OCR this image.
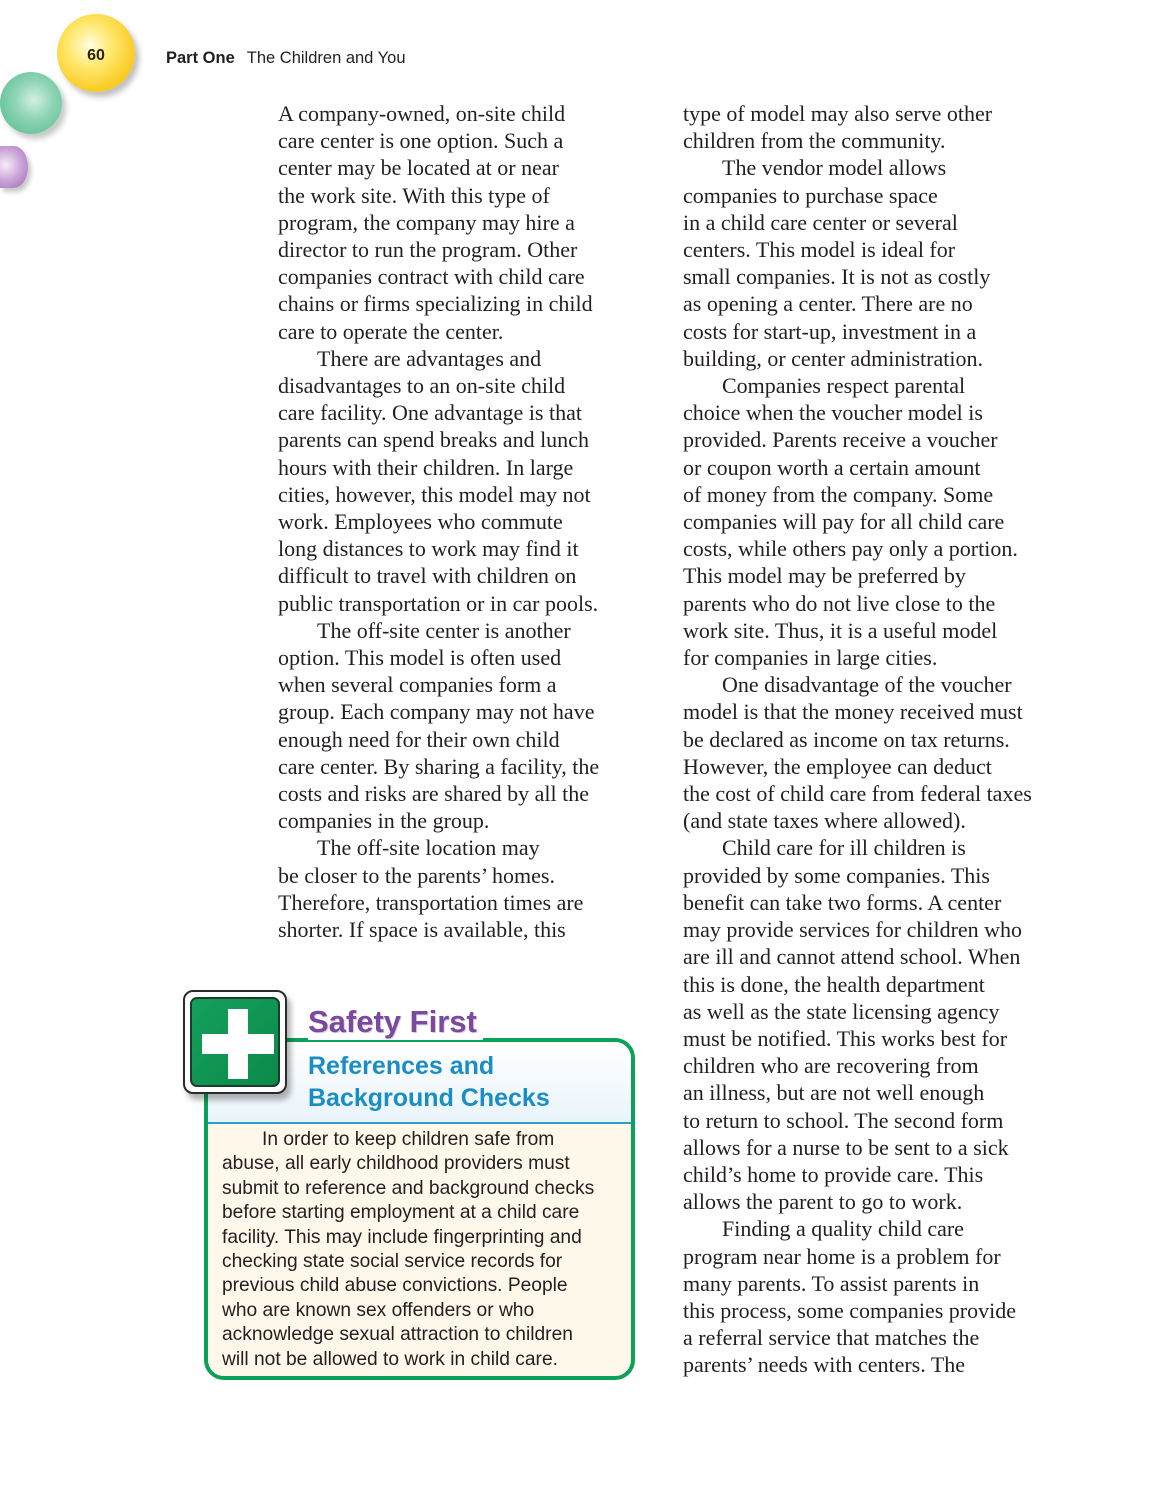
60	Part One The Children and You
A company-owned, on-site child
care center is one option. Such a
center may be located at or near
the work site. With this type of
program, the company may hire a
director to run the program. Other
companies contract with child care
chains or firms specializing in child
care to operate the center.
There are advantages and
disadvantages to an on-site child
care facility. One advantage is that
parents can spend breaks and lunch
hours with their children. In large
cities, however, this model may not
work. Employees who commute
long distances to work may find it
difficult to travel with children on
public transportation or in car pools.
The off-site center is another
option. This model is often used
when several companies form a
group. Each company may not have
enough need for their own child
care center. By sharing a facility, the
costs and risks are shared by all the
companies in the group.
The off-site location may
be closer to the parents’ homes.
Therefore, transportation times are
shorter. If space is available, this
type of model may also serve other
children from the community.
The vendor model allows
companies to purchase space
in a child care center or several
centers. This model is ideal for
small companies. It is not as costly
as opening a center. There are no
costs for start-up, investment in a
building, or center administration.
Companies respect parental
choice when the voucher model is
provided. Parents receive a voucher
or coupon worth a certain amount
of money from the company. Some
companies will pay for all child care
costs, while others pay only a portion.
This model may be preferred by
parents who do not live close to the
work site. Thus, it is a useful model
for companies in large cities.
One disadvantage of the voucher
model is that the money received must
be declared as income on tax returns.
However, the employee can deduct
the cost of child care from federal taxes
(and state taxes where allowed).
Child care for ill children is
provided by some companies. This
benefit can take two forms. A center
may provide services for children who
are ill and cannot attend school. When
this is done, the health department
as well as the state licensing agency
must be notified. This works best for
children who are recovering from
an illness, but are not well enough
to return to school. The second form
allows for a nurse to be sent to a sick
child’s home to provide care. This
allows the parent to go to work.
Finding a quality child care
program near home is a problem for
many parents. To assist parents in
this process, some companies provide
a referral service that matches the
parents’ needs with centers. The
Safety First
References and
Background Checks
In order to keep children safe from
abuse, all early childhood providers must
submit to reference and background checks
before starting employment at a child care
facility. This may include fingerprinting and
checking state social service records for
previous child abuse convictions. People
who are known sex offenders or who
acknowledge sexual attraction to children
will not be allowed to work in child care.
